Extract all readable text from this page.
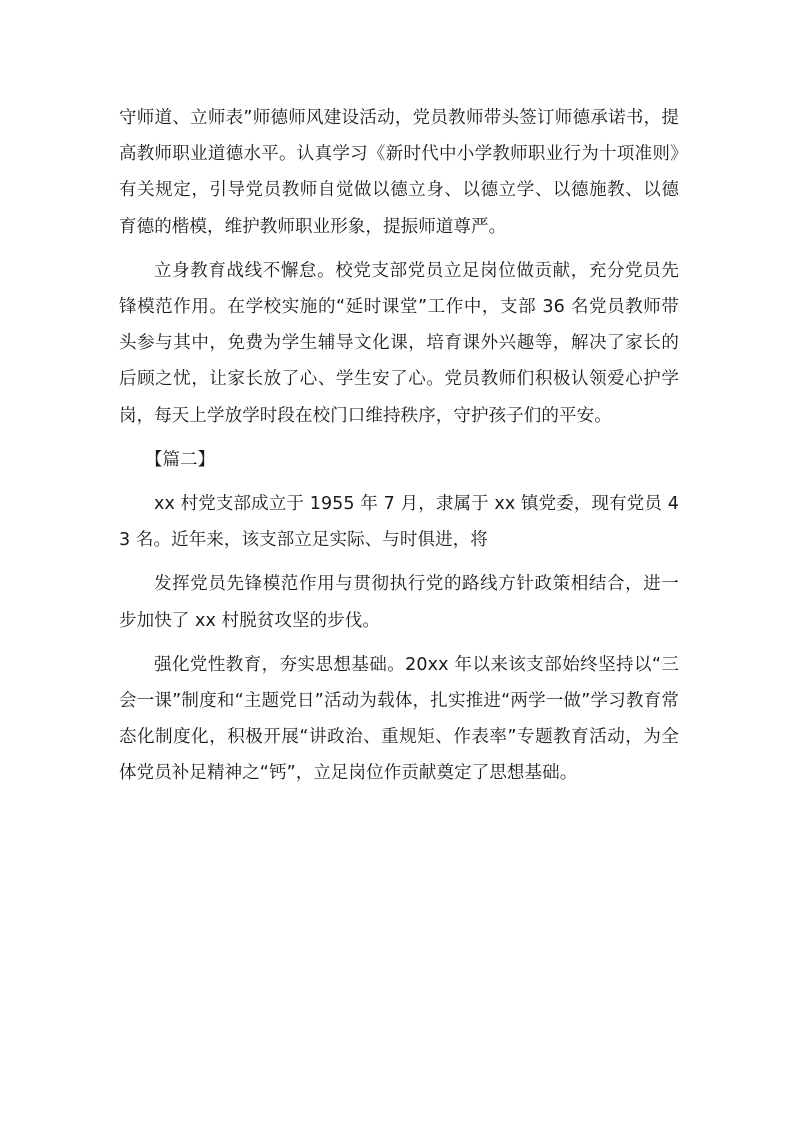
守师道、立师表”师德师风建设活动，党员教师带头签订师德承诺书，提高教师职业道德水平。认真学习《新时代中小学教师职业行为十项准则》有关规定，引导党员教师自觉做以德立身、以德立学、以德施教、以德育德的楷模，维护教师职业形象，提振师道尊严。

立身教育战线不懈怠。校党支部党员立足岗位做贡献，充分党员先锋模范作用。在学校实施的“延时课堂”工作中，支部 36 名党员教师带头参与其中，免费为学生辅导文化课，培育课外兴趣等，解决了家长的后顾之忧，让家长放了心、学生安了心。党员教师们积极认领爱心护学岗，每天上学放学时段在校门口维持秩序，守护孩子们的平安。

【篇二】

xx 村党支部成立于 1955 年 7 月，隶属于 xx 镇党委，现有党员 43 名。近年来，该支部立足实际、与时俱进，将

发挥党员先锋模范作用与贯彻执行党的路线方针政策相结合，进一步加快了 xx 村脱贫攻坚的步伐。

强化党性教育，夯实思想基础。20xx 年以来该支部始终坚持以“三会一课”制度和“主题党日”活动为载体，扎实推进“两学一做”学习教育常态化制度化，积极开展“讲政治、重规矩、作表率”专题教育活动，为全体党员补足精神之“钙”，立足岗位作贡献奠定了思想基础。
